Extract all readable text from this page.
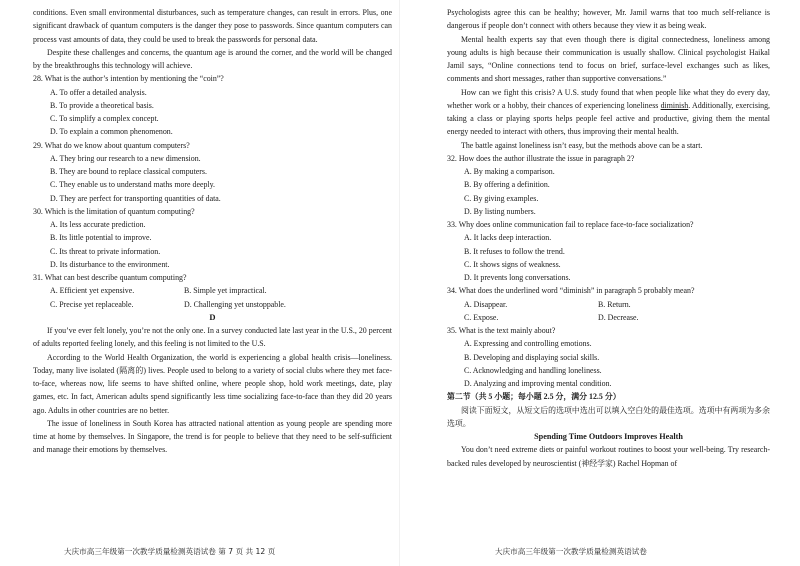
conditions. Even small environmental disturbances, such as temperature changes, can result in errors. Plus, one significant drawback of quantum computers is the danger they pose to passwords. Since quantum computers can process vast amounts of data, they could be used to break the passwords for personal data.

Despite these challenges and concerns, the quantum age is around the corner, and the world will be changed by the breakthroughs this technology will achieve.

28. What is the author’s intention by mentioning the “coin”?

A. To offer a detailed analysis.

B. To provide a theoretical basis.

C. To simplify a complex concept.

D. To explain a common phenomenon.

29. What do we know about quantum computers?

A. They bring our research to a new dimension.

B. They are bound to replace classical computers.

C. They enable us to understand maths more deeply.

D. They are perfect for transporting quantities of data.

30. Which is the limitation of quantum computing?

A. Its less accurate prediction.

B. Its little potential to improve.

C. Its threat to private information.

D. Its disturbance to the environment.

31. What can best describe quantum computing?

A. Efficient yet expensive.	B. Simple yet impractical.
C. Precise yet replaceable.	D. Challenging yet unstoppable.

D

If you’ve ever felt lonely, you’re not the only one. In a survey conducted late last year in the U.S., 20 percent of adults reported feeling lonely, and this feeling is not limited to the U.S.

According to the World Health Organization, the world is experiencing a global health crisis—loneliness. Today, many live isolated (隔离的) lives. People used to belong to a variety of social clubs where they met face-to-face, whereas now, life seems to have shifted online, where people shop, hold work meetings, date, play games, etc. In fact, American adults spend significantly less time socializing face-to-face than they did 20 years ago. Adults in other countries are no better.

The issue of loneliness in South Korea has attracted national attention as young people are spending more time at home by themselves. In Singapore, the trend is for people to believe that they need to be self-sufficient and manage their emotions by themselves.

大庆市高三年级第一次教学质量检测英语试卷 第 7 页 共 12 页

Psychologists agree this can be healthy; however, Mr. Jamil warns that too much self-reliance is dangerous if people don’t connect with others because they view it as being weak.

Mental health experts say that even though there is digital connectedness, loneliness among young adults is high because their communication is usually shallow. Clinical psychologist Haikal Jamil says, “Online connections tend to focus on brief, surface-level exchanges such as likes, comments and short messages, rather than supportive conversations.”

How can we fight this crisis? A U.S. study found that when people like what they do every day, whether work or a hobby, their chances of experiencing loneliness diminish. Additionally, exercising, taking a class or playing sports helps people feel active and productive, giving them the mental energy needed to interact with others, thus improving their mental health.

The battle against loneliness isn’t easy, but the methods above can be a start.

32. How does the author illustrate the issue in paragraph 2?

A. By making a comparison.

B. By offering a definition.

C. By giving examples.

D. By listing numbers.

33. Why does online communication fail to replace face-to-face socialization?

A. It lacks deep interaction.

B. It refuses to follow the trend.

C. It shows signs of weakness.

D. It prevents long conversations.

34. What does the underlined word “diminish” in paragraph 5 probably mean?

A. Disappear.	B. Return.
C. Expose.	D. Decrease.

35. What is the text mainly about?

A. Expressing and controlling emotions.

B. Developing and displaying social skills.

C. Acknowledging and handling loneliness.

D. Analyzing and improving mental condition.

第二节（共 5 小题；每小题 2.5 分，满分 12.5 分）

阅读下面短文，从短文后的选项中选出可以填入空白处的最佳选项。选项中有两项为多余选项。

Spending Time Outdoors Improves Health

You don’t need extreme diets or painful workout routines to boost your well-being. Try research-backed rules developed by neuroscientist (神经学家) Rachel Hopman of

大庆市高三年级第一次教学质量检测英语试卷
